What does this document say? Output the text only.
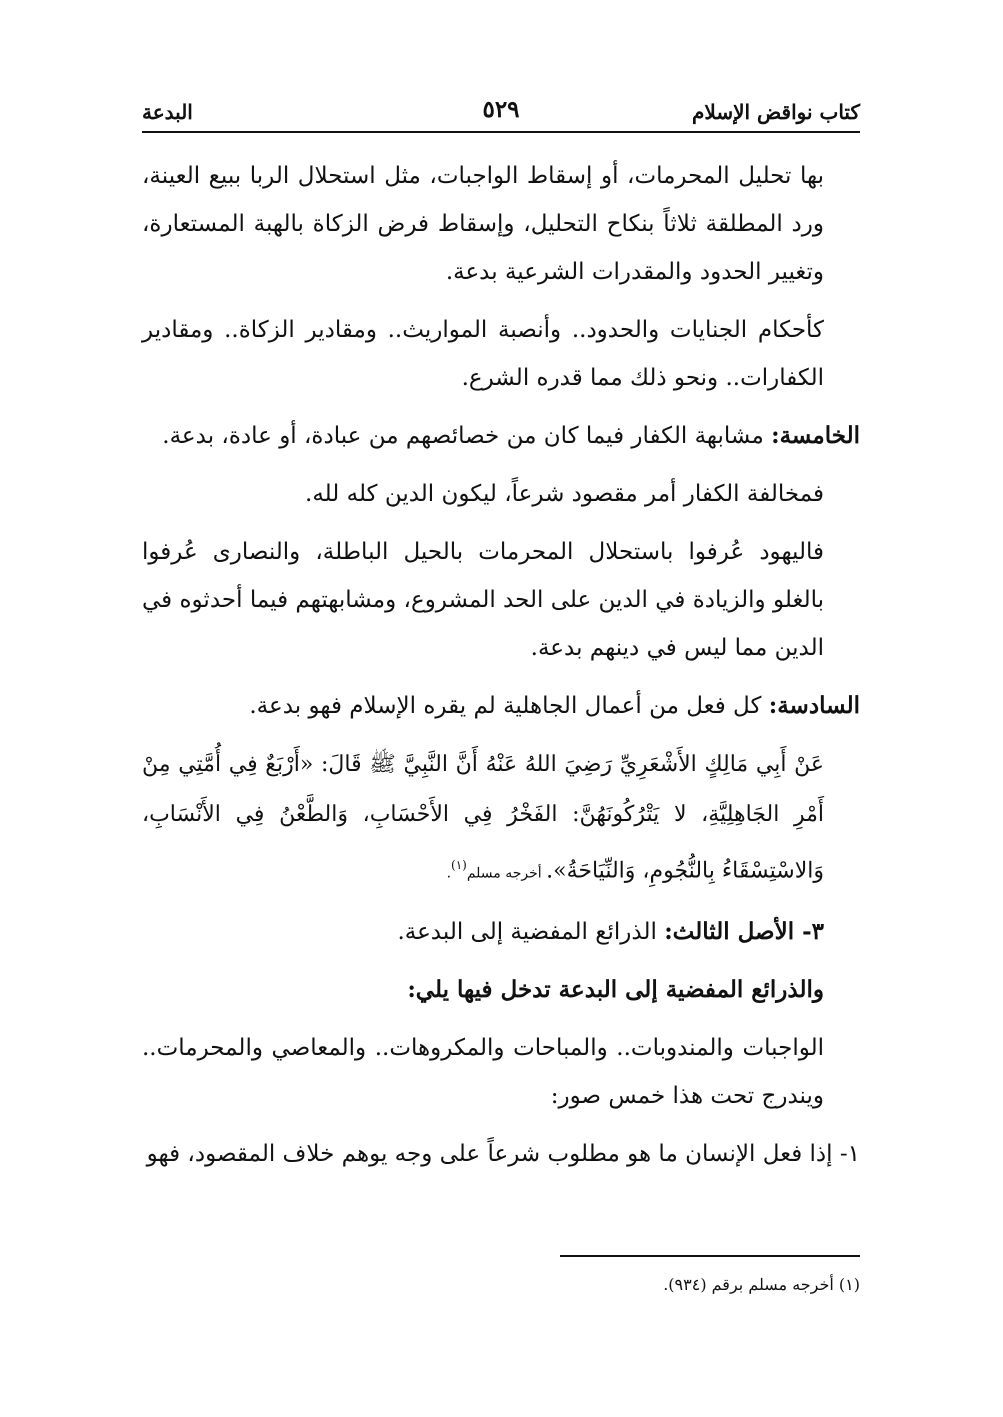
كتاب نواقض الإسلام
٥٢٩
البدعة

بها تحليل المحرمات، أو إسقاط الواجبات، مثل استحلال الربا ببيع العينة، ورد المطلقة ثلاثاً بنكاح التحليل، وإسقاط فرض الزكاة بالهبة المستعارة، وتغيير الحدود والمقدرات الشرعية بدعة.

كأحكام الجنايات والحدود.. وأنصبة المواريث.. ومقادير الزكاة.. ومقادير الكفارات.. ونحو ذلك مما قدره الشرع.

الخامسة: مشابهة الكفار فيما كان من خصائصهم من عبادة، أو عادة، بدعة.

فمخالفة الكفار أمر مقصود شرعاً، ليكون الدين كله لله.

فاليهود عُرفوا باستحلال المحرمات بالحيل الباطلة، والنصارى عُرفوا بالغلو والزيادة في الدين على الحد المشروع، ومشابهتهم فيما أحدثوه في الدين مما ليس في دينهم بدعة.

السادسة: كل فعل من أعمال الجاهلية لم يقره الإسلام فهو بدعة.

عَنْ أَبِي مَالِكٍ الأَشْعَرِيِّ رَضِيَ اللهُ عَنْهُ أَنَّ النَّبِيَّ ﷺ قَالَ: «أَرْبَعٌ فِي أُمَّتِي مِنْ أَمْرِ الجَاهِلِيَّةِ، لا يَتْرُكُونَهُنَّ: الفَخْرُ فِي الأَحْسَابِ، وَالطَّعْنُ فِي الأَنْسَابِ، وَالاسْتِسْقَاءُ بِالنُّجُومِ، وَالنِّيَاحَةُ». أخرجه مسلم$^{(١)}$.

٣- الأصل الثالث: الذرائع المفضية إلى البدعة.

والذرائع المفضية إلى البدعة تدخل فيها يلي:

الواجبات والمندوبات.. والمباحات والمكروهات.. والمعاصي والمحرمات.. ويندرج تحت هذا خمس صور:

١- إذا فعل الإنسان ما هو مطلوب شرعاً على وجه يوهم خلاف المقصود، فهو

(١) أخرجه مسلم برقم (٩٣٤).
